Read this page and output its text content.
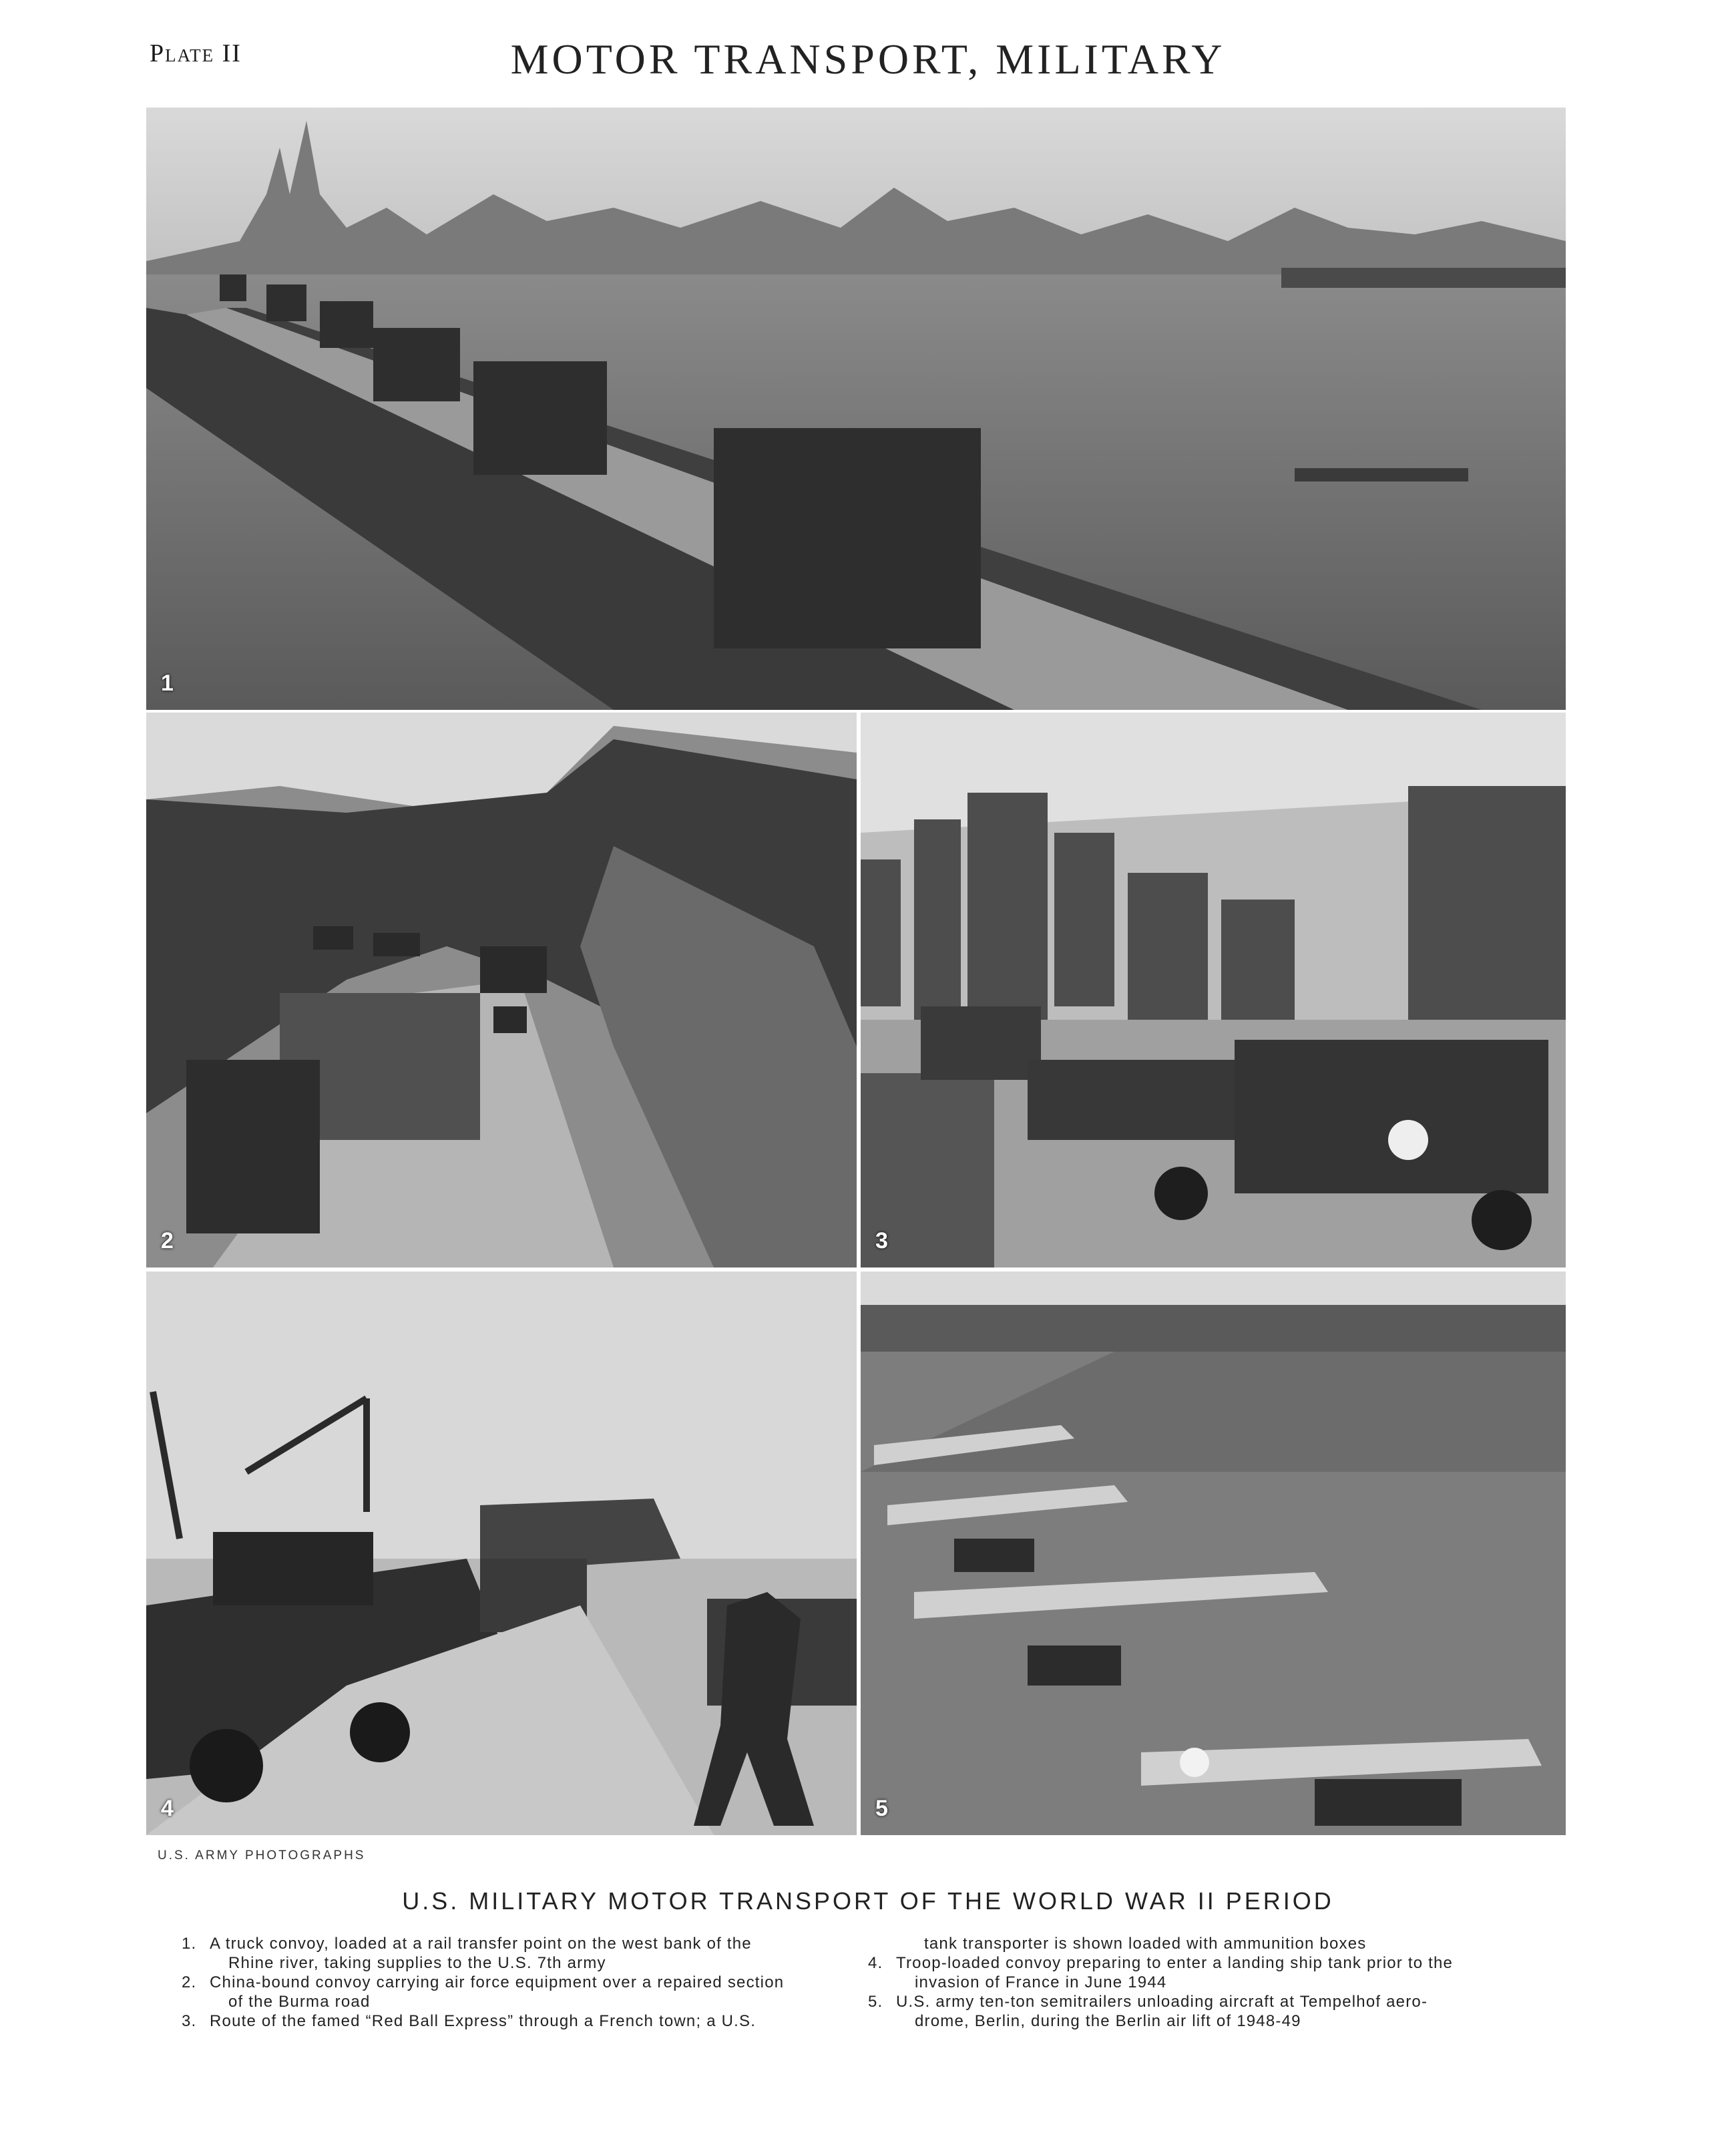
Plate II	MOTOR TRANSPORT, MILITARY
1
2	3
4	5
U.S. ARMY PHOTOGRAPHS
U.S. MILITARY MOTOR TRANSPORT OF THE WORLD WAR II PERIOD
1. A truck convoy, loaded at a rail transfer point on the west bank of the
Rhine river, taking supplies to the U.S. 7th army
2. China-bound convoy carrying air force equipment over a repaired section
of the Burma road
3. Route of the famed “Red Ball Express” through a French town; a U.S.
tank transporter is shown loaded with ammunition boxes
4. Troop-loaded convoy preparing to enter a landing ship tank prior to the
invasion of France in June 1944
5. U.S. army ten-ton semitrailers unloading aircraft at Tempelhof aero-
drome, Berlin, during the Berlin air lift of 1948-49
